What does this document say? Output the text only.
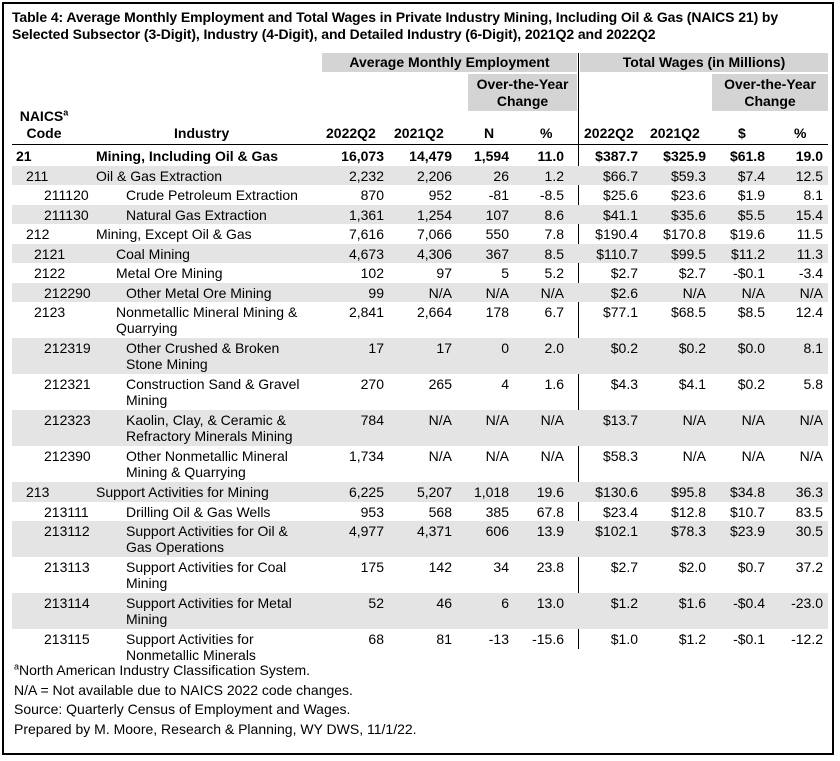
Table 4: Average Monthly Employment and Total Wages in Private Industry Mining, Including Oil & Gas (NAICS 21) by Selected Subsector (3-Digit), Industry (4-Digit), and Detailed Industry (6-Digit), 2021Q2 and 2022Q2
Average Monthly Employment	Total Wages (in Millions)
Over-the-Year Change
Over-the-Year Change
NAICS$^a$
Code	Industry	2022Q2 2021Q2	N	% 2022Q2 2021Q2	$	%
21	Mining, Including Oil & Gas	16,073 14,479 1,594 11.0 $387.7 $325.9 $61.8 19.0
211	Oil & Gas Extraction	2,232 2,206	26	1.2	$66.7 $59.3 $7.4 12.5
211120	Crude Petroleum Extraction	870	952	-81 -8.5	$25.6 $23.6 $1.9	8.1
211130	Natural Gas Extraction	1,361 1,254 107	8.6	$41.1 $35.6 $5.5 15.4
212	Mining, Except Oil & Gas	7,616 7,066 550	7.8 $190.4 $170.8 $19.6 11.5
2121	Coal Mining	4,673 4,306 367	8.5 $110.7 $99.5 $11.2 11.3
2122	Metal Ore Mining	102	97	5	5.2	$2.7	$2.7 -$0.1 -3.4
212290	Other Metal Ore Mining	99	N/A N/A N/A	$2.6	N/A	N/A N/A
2123	Nonmetallic Mineral Mining & Quarrying
2,841 2,664 178	6.7	$77.1 $68.5 $8.5 12.4
212319	Other Crushed & Broken Stone Mining
17	17	0	2.0	$0.2	$0.2 $0.0	8.1
212321	Construction Sand & Gravel Mining
270	265	4	1.6	$4.3	$4.1 $0.2	5.8
212323	Kaolin, Clay, & Ceramic & Refractory Minerals Mining
784	N/A N/A N/A	$13.7	N/A	N/A N/A
212390	Other Nonmetallic Mineral Mining & Quarrying
1,734	N/A N/A N/A	$58.3	N/A	N/A N/A
213	Support Activities for Mining	6,225 5,207 1,018 19.6 $130.6 $95.8 $34.8 36.3
213111	Drilling Oil & Gas Wells	953	568 385 67.8	$23.4 $12.8 $10.7 83.5
213112	Support Activities for Oil & Gas Operations
4,977 4,371 606 13.9 $102.1 $78.3 $23.9 30.5
213113	Support Activities for Coal Mining
175	142	34 23.8	$2.7	$2.0 $0.7 37.2
213114	Support Activities for Metal Mining
52	46	6 13.0	$1.2	$1.6 -$0.4 -23.0
213115	Support Activities for Nonmetallic Minerals
68	81	-13 -15.6	$1.0	$1.2 -$0.1 -12.2
$^a$North American Industry Classification System.
N/A = Not available due to NAICS 2022 code changes.
Source: Quarterly Census of Employment and Wages.
Prepared by M. Moore, Research & Planning, WY DWS, 11/1/22.
